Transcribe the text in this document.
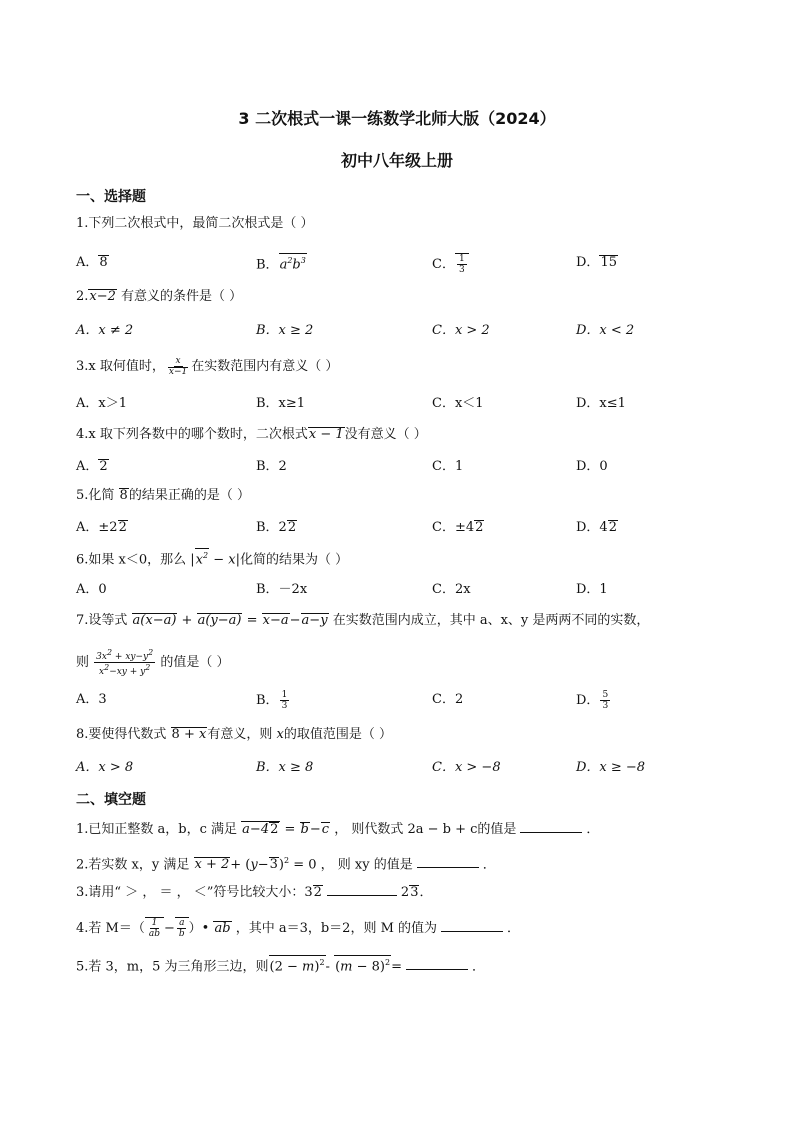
3 二次根式一课一练数学北师大版（2024）
初中八年级上册
一、选择题
1.下列二次根式中，最简二次根式是（ ）
A．8	B．$a^2b^3$	C． $\frac{1}{3}$	D．15
2.x−2 有意义的条件是（ ）
A．x ≠ 2	B．x ≥ 2	C．x > 2	D．x < 2
3.x 取何值时， $\frac{x}{x-1}$ 在实数范围内有意义（ ）
A．x＞1	B．x≥1	C．x＜1	D．x≤1
4.x 取下列各数中的哪个数时，二次根式x − 1没有意义（ ）
A．2	B．2	C．1	D．0
5.化简 8的结果正确的是（ ）
A．±22	B．22	C．±42	D．42
6.如果 x＜0，那么 $|x^2 - x|$化简的结果为（ ）
A．0	B．－2x	C．2x	D．1
7.设等式 a(x−a) + a(y−a) = x−a−a−y 在实数范围内成立，其中 a、x、y 是两两不同的实数，
则 $\frac{3x^2 + xy-y^2}{x^2-xy + y^2}$ 的值是（ ）
A．3	B． $\frac{1}{3}$	C．2	D． $\frac{5}{3}$
8.要使得代数式 8 + x有意义，则 x的取值范围是（ ）
A．x > 8	B．x ≥ 8	C．x > −8	D．x ≥ −8
二、填空题
1.已知正整数 a，b，c 满足 a−42 = b−c ， 则代数式 2a − b + c的值是	．
2.若实数 x，y 满足 $x + 2+ (y-3)^2 = 0$ ， 则 xy 的值是	．
3.请用“ ＞ ， ＝ ， ＜”符号比较大小：32	23．
4.若 $M=( \frac{1}{ab} - \frac{a}{b}$ ）• ab ，其中 a＝3，b＝2，则 M 的值为	．
5.若 3，m，5 为三角形三边，则$(2 - m)^2-$ $(m - 8)^2=$	．
